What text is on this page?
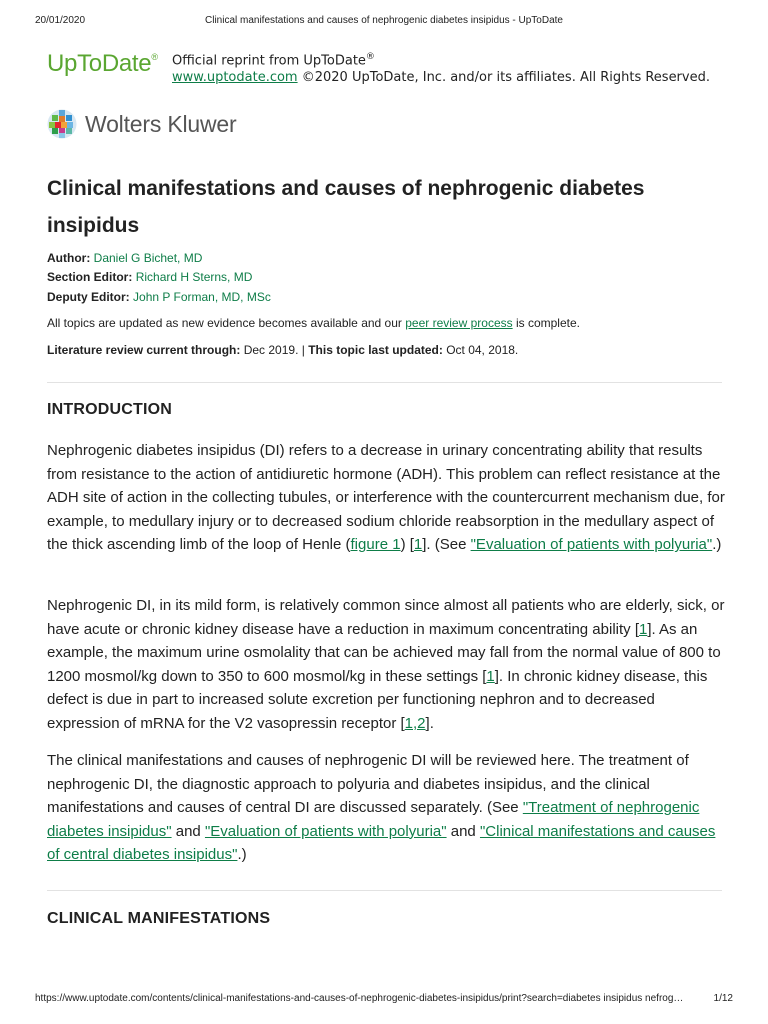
20/01/2020	Clinical manifestations and causes of nephrogenic diabetes insipidus - UpToDate
UpToDate® Official reprint from UpToDate®
www.uptodate.com ©2020 UpToDate, Inc. and/or its affiliates. All Rights Reserved.
Wolters Kluwer
Clinical manifestations and causes of nephrogenic diabetes insipidus
Author: Daniel G Bichet, MD
Section Editor: Richard H Sterns, MD
Deputy Editor: John P Forman, MD, MSc
All topics are updated as new evidence becomes available and our peer review process is complete.
Literature review current through: Dec 2019. | This topic last updated: Oct 04, 2018.
INTRODUCTION

Nephrogenic diabetes insipidus (DI) refers to a decrease in urinary concentrating ability that results from resistance to the action of antidiuretic hormone (ADH). This problem can reflect resistance at the ADH site of action in the collecting tubules, or interference with the countercurrent mechanism due, for example, to medullary injury or to decreased sodium chloride reabsorption in the medullary aspect of the thick ascending limb of the loop of Henle (figure 1) [1]. (See "Evaluation of patients with polyuria".)

Nephrogenic DI, in its mild form, is relatively common since almost all patients who are elderly, sick, or have acute or chronic kidney disease have a reduction in maximum concentrating ability [1]. As an example, the maximum urine osmolality that can be achieved may fall from the normal value of 800 to 1200 mosmol/kg down to 350 to 600 mosmol/kg in these settings [1]. In chronic kidney disease, this defect is due in part to increased solute excretion per functioning nephron and to decreased expression of mRNA for the V2 vasopressin receptor [1,2].

The clinical manifestations and causes of nephrogenic DI will be reviewed here. The treatment of nephrogenic DI, the diagnostic approach to polyuria and diabetes insipidus, and the clinical manifestations and causes of central DI are discussed separately. (See "Treatment of nephrogenic diabetes insipidus" and "Evaluation of patients with polyuria" and "Clinical manifestations and causes of central diabetes insipidus".)

CLINICAL MANIFESTATIONS
https://www.uptodate.com/contents/clinical-manifestations-and-causes-of-nephrogenic-diabetes-insipidus/print?search=diabetes insipidus nefrog…	1/12
